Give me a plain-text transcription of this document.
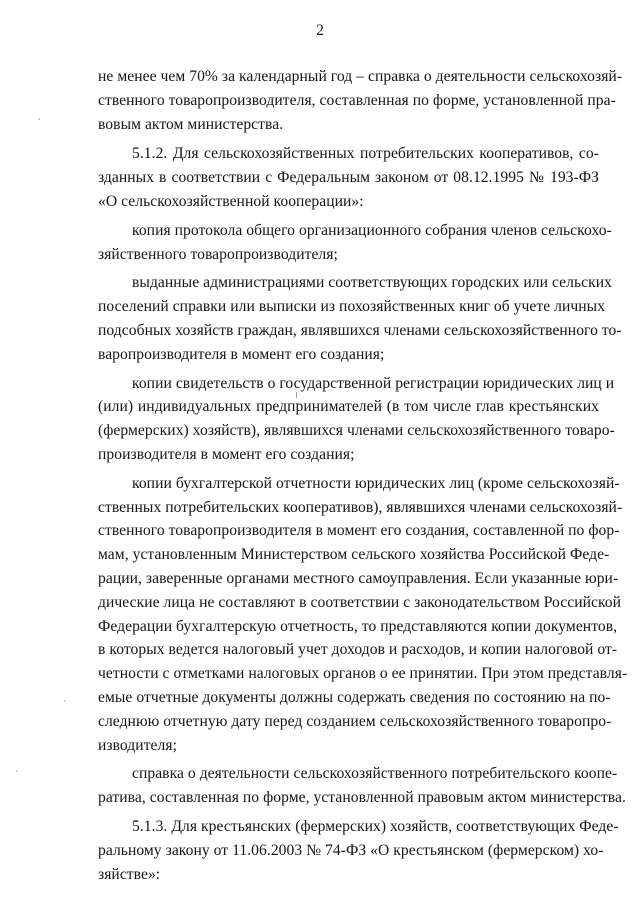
2

не менее чем 70% за календарный год – справка о деятельности сельскохозяй-
ственного товаропроизводителя, составленная по форме, установленной пра-
вовым актом министерства.

5.1.2. Для сельскохозяйственных потребительских кооперативов, со-
зданных в соответствии с Федеральным законом от 08.12.1995 № 193-ФЗ
«О сельскохозяйственной кооперации»:

копия протокола общего организационного собрания членов сельскохо-
зяйственного товаропроизводителя;

выданные администрациями соответствующих городских или сельских
поселений справки или выписки из похозяйственных книг об учете личных
подсобных хозяйств граждан, являвшихся членами сельскохозяйственного то-
варопроизводителя в момент его создания;

копии свидетельств о государственной регистрации юридических лиц и
(или) индивидуальных предпринимателей (в том числе глав крестьянских
(фермерских) хозяйств), являвшихся членами сельскохозяйственного товаро-
производителя в момент его создания;

копии бухгалтерской отчетности юридических лиц (кроме сельскохозяй-
ственных потребительских кооперативов), являвшихся членами сельскохозяй-
ственного товаропроизводителя в момент его создания, составленной по фор-
мам, установленным Министерством сельского хозяйства Российской Феде-
рации, заверенные органами местного самоуправления. Если указанные юри-
дические лица не составляют в соответствии с законодательством Российской
Федерации бухгалтерскую отчетность, то представляются копии документов,
в которых ведется налоговый учет доходов и расходов, и копии налоговой от-
четности с отметками налоговых органов о ее принятии. При этом представля-
емые отчетные документы должны содержать сведения по состоянию на по-
следнюю отчетную дату перед созданием сельскохозяйственного товаропро-
изводителя;

справка о деятельности сельскохозяйственного потребительского коопе-
ратива, составленная по форме, установленной правовым актом министерства.

5.1.3. Для крестьянских (фермерских) хозяйств, соответствующих Феде-
ральному закону от 11.06.2003 № 74-ФЗ «О крестьянском (фермерском) хо-
зяйстве»:
